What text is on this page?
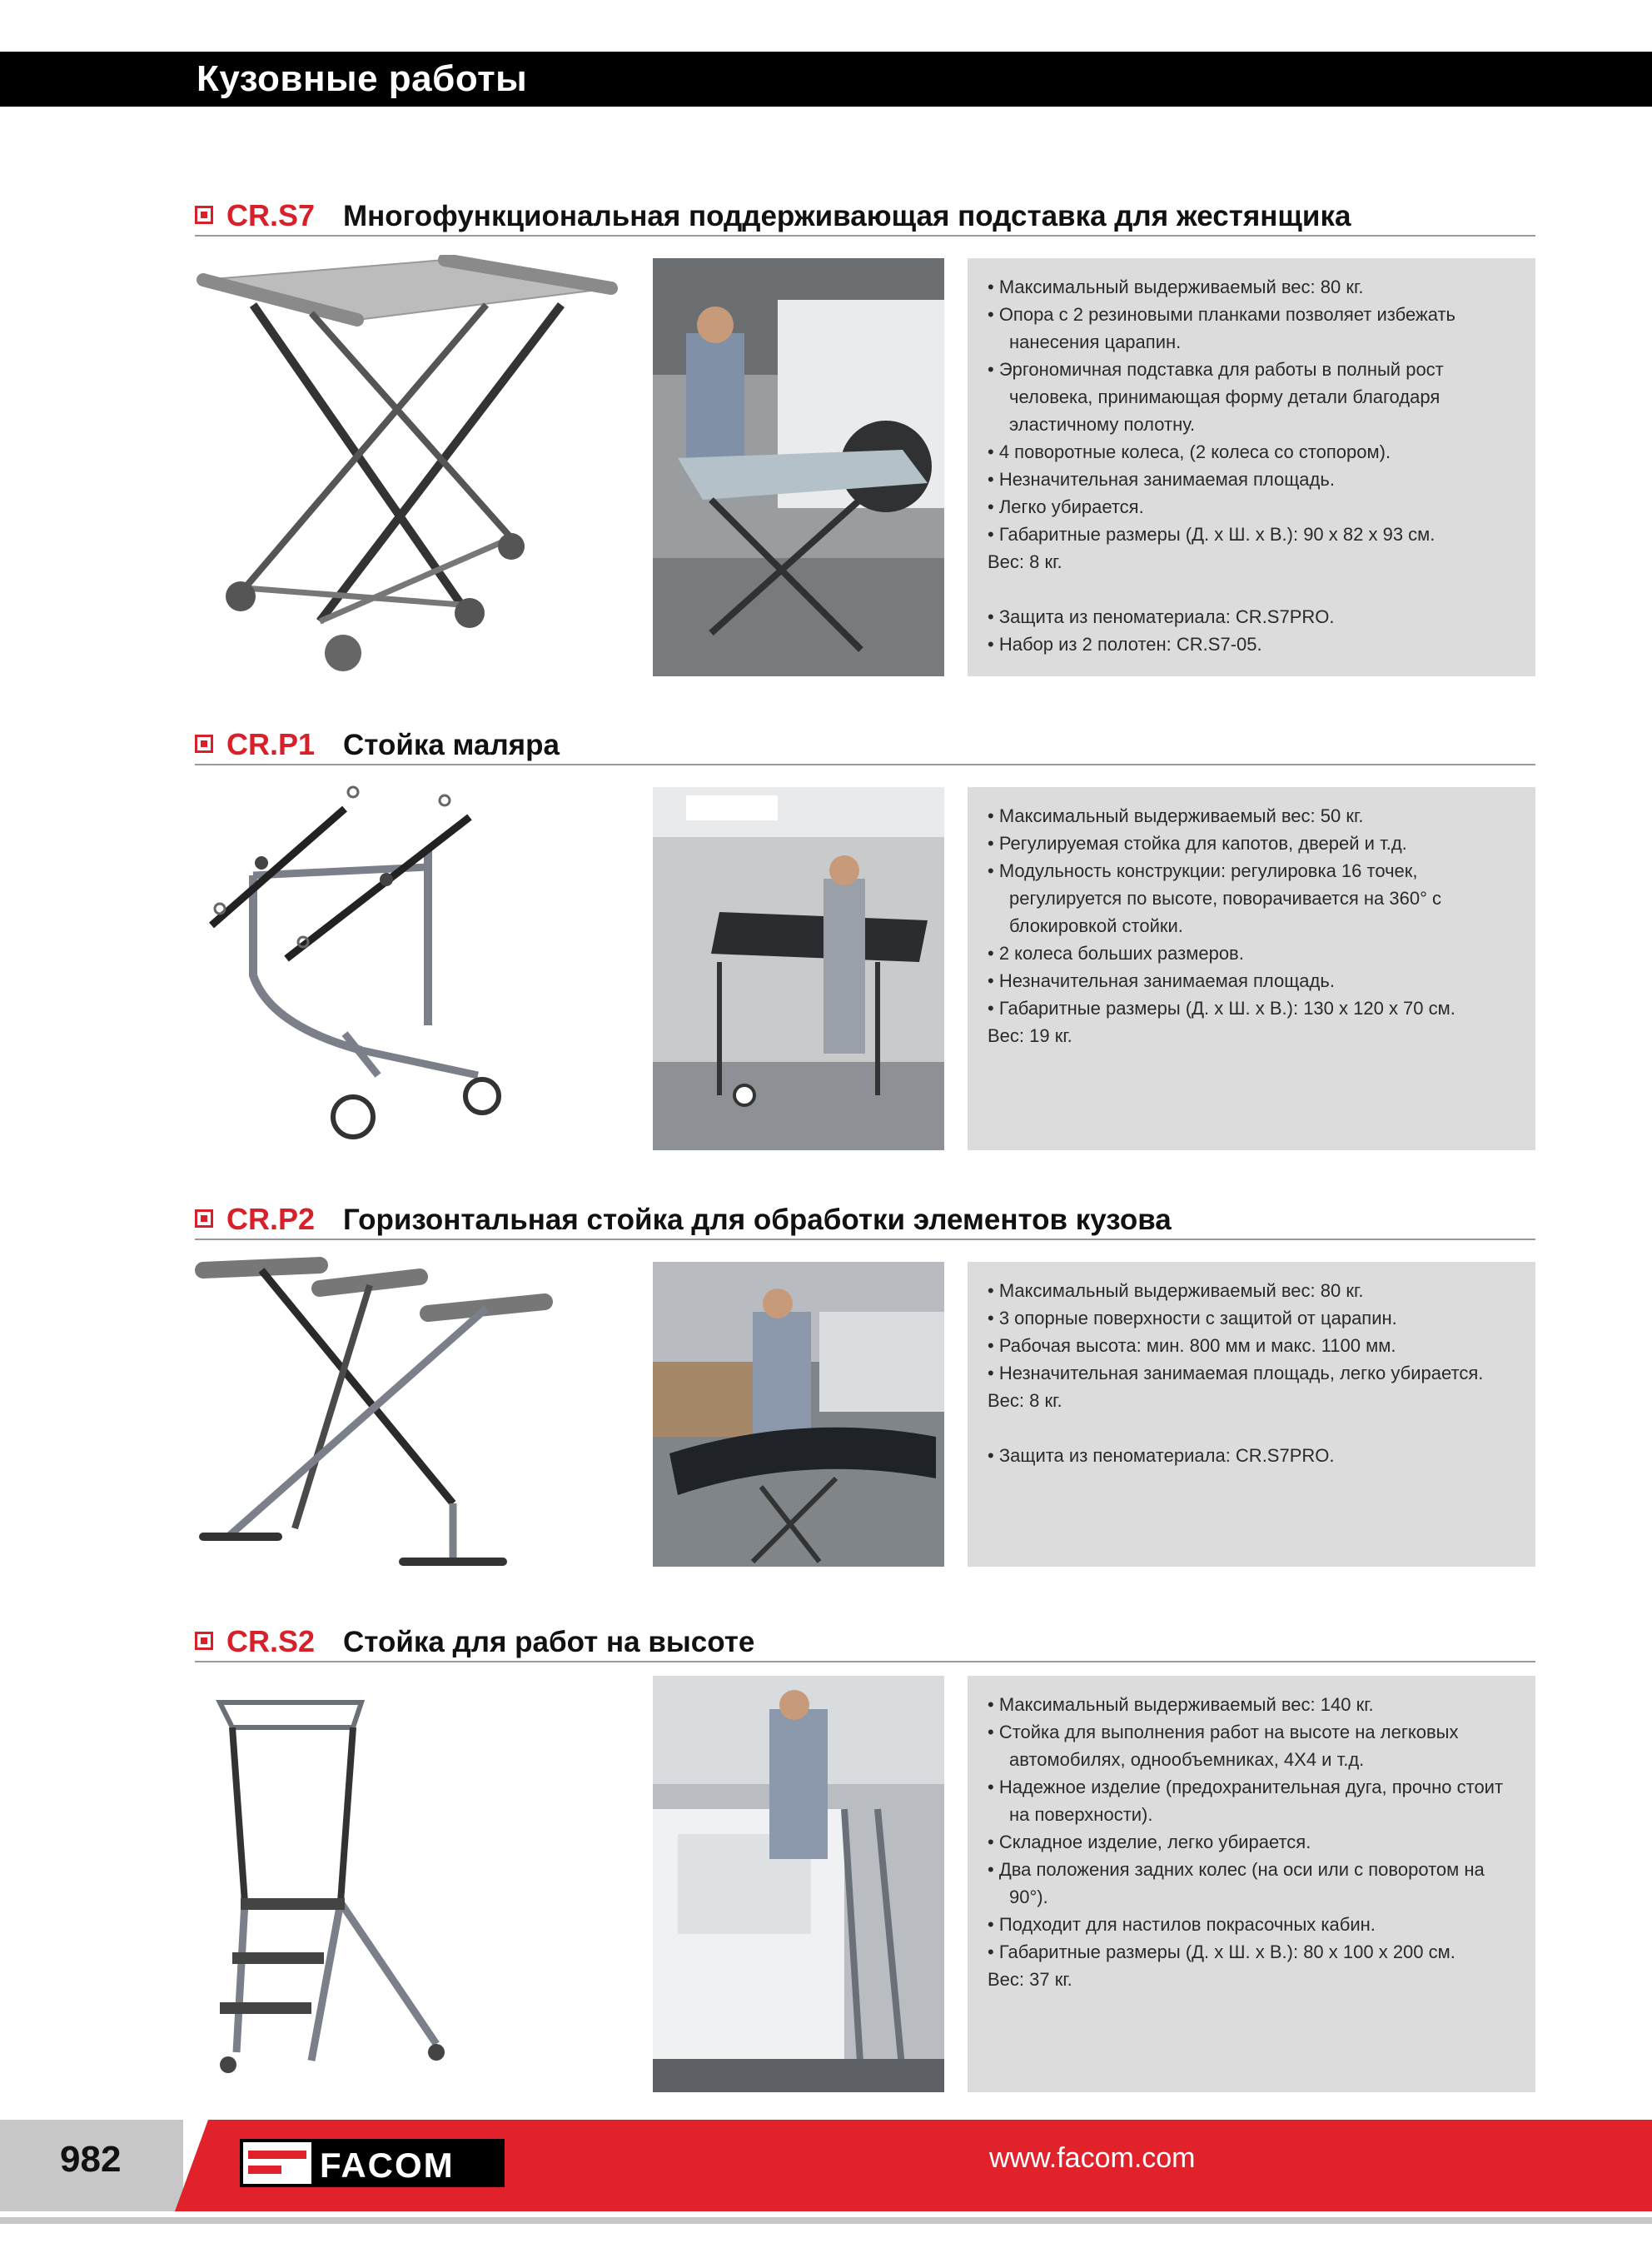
Кузовные работы
CR.S7 Многофункциональная поддерживающая подставка для жестянщика

• Максимальный выдерживаемый вес: 80 кг.

• Опора с 2 резиновыми планками позволяет избежать

нанесения царапин.

• Эргономичная подставка для работы в полный рост

человека, принимающая форму детали благодаря

эластичному полотну.

• 4 поворотные колеса, (2 колеса со стопором).

• Незначительная занимаемая площадь.

• Легко убирается.

• Габаритные размеры (Д. x Ш. x В.): 90 x 82 x 93 см.

Вес: 8 кг.

• Защита из пеноматериала: CR.S7PRO.

• Набор из 2 полотен: CR.S7-05.

CR.P1 Стойка маляра

• Максимальный выдерживаемый вес: 50 кг.

• Регулируемая стойка для капотов, дверей и т.д.

• Модульность конструкции: регулировка 16 точек,

регулируется по высоте, поворачивается на 360° с

блокировкой стойки.

• 2 колеса больших размеров.

• Незначительная занимаемая площадь.

• Габаритные размеры (Д. x Ш. x В.): 130 x 120 x 70 см.

Вес: 19 кг.

CR.P2 Горизонтальная стойка для обработки элементов кузова

• Максимальный выдерживаемый вес: 80 кг.

• 3 опорные поверхности с защитой от царапин.

• Рабочая высота: мин. 800 мм и макс. 1100 мм.

• Незначительная занимаемая площадь, легко убирается.

Вес: 8 кг.

• Защита из пеноматериала: CR.S7PRO.

CR.S2 Стойка для работ на высоте

• Максимальный выдерживаемый вес: 140 кг.

• Стойка для выполнения работ на высоте на легковых

автомобилях, однообъемниках, 4X4 и т.д.

• Надежное изделие (предохранительная дуга, прочно стоит

на поверхности).

• Складное изделие, легко убирается.

• Два положения задних колес (на оси или с поворотом на

90°).

• Подходит для настилов покрасочных кабин.

• Габаритные размеры (Д. x Ш. x В.): 80 x 100 x 200 см.

Вес: 37 кг.

982	FACOM	www.facom.com
